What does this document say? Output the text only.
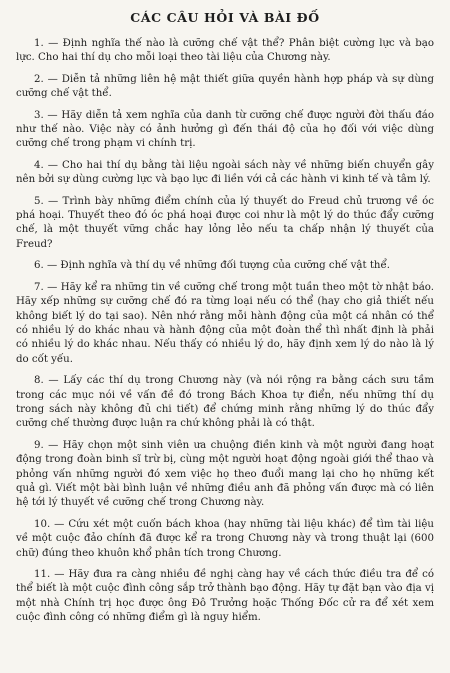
CÁC CÂU HỎI VÀ BÀI ĐỐ

1. — Định nghĩa thế nào là cưỡng chế vật thể? Phân biệt cường lực và bạo lực. Cho hai thí dụ cho mỗi loại theo tài liệu của Chương này.

2. — Diễn tả những liên hệ mật thiết giữa quyền hành hợp pháp và sự dùng cưỡng chế vật thể.

3. — Hãy diễn tả xem nghĩa của danh từ cưỡng chế được người đời thấu đáo như thế nào. Việc này có ảnh hưởng gì đến thái độ của họ đối với việc dùng cưỡng chế trong phạm vi chính trị.

4. — Cho hai thí dụ bằng tài liệu ngoài sách này về những biến chuyển gây nên bởi sự dùng cường lực và bạo lực đi liền với cả các hành vi kinh tế và tâm lý.

5. — Trình bày những điểm chính của lý thuyết do Freud chủ trương về óc phá hoại. Thuyết theo đó óc phá hoại được coi như là một lý do thúc đẩy cưỡng chế, là một thuyết vững chắc hay lỏng lẻo nếu ta chấp nhận lý thuyết của Freud?

6. — Định nghĩa và thí dụ về những đối tượng của cưỡng chế vật thể.

7. — Hãy kể ra những tin về cưỡng chế trong một tuần theo một tờ nhật báo. Hãy xếp những sự cưỡng chế đó ra từng loại nếu có thể (hay cho giả thiết nếu không biết lý do tại sao). Nên nhớ rằng mỗi hành động của một cá nhân có thể có nhiều lý do khác nhau và hành động của một đoàn thể thì nhất định là phải có nhiều lý do khác nhau. Nếu thấy có nhiều lý do, hãy định xem lý do nào là lý do cốt yếu.

8. — Lấy các thí dụ trong Chương này (và nói rộng ra bằng cách sưu tầm trong các mục nói về vấn đề đó trong Bách Khoa tự điển, nếu những thí dụ trong sách này không đủ chi tiết) để chứng minh rằng những lý do thúc đẩy cưỡng chế thường được luận ra chứ không phải là có thật.

9. — Hãy chọn một sinh viên ưa chuộng điền kinh và một người đang hoạt động trong đoàn binh sĩ trừ bị, cùng một người hoạt động ngoài giới thể thao và phỏng vấn những người đó xem việc họ theo đuổi mang lại cho họ những kết quả gì. Viết một bài bình luận về những điều anh đã phỏng vấn được mà có liên hệ tới lý thuyết về cưỡng chế trong Chương này.

10. — Cứu xét một cuốn bách khoa (hay những tài liệu khác) để tìm tài liệu về một cuộc đảo chính đã được kể ra trong Chương này và trong thuật lại (600 chữ) đúng theo khuôn khổ phân tích trong Chương.

11. — Hãy đưa ra càng nhiều đề nghị càng hay về cách thức điều tra để có thể biết là một cuộc đình công sắp trở thành bạo động. Hãy tự đặt bạn vào địa vị một nhà Chính trị học được ông Đô Trưởng hoặc Thống Đốc cử ra để xét xem cuộc đình công có những điểm gì là nguy hiểm.
